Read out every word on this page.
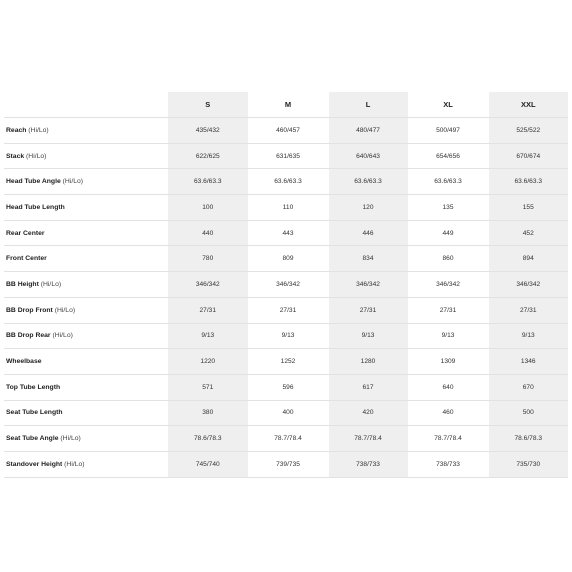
	S	M	L	XL	XXL
Reach (Hi/Lo)	435/432	460/457	480/477	500/497	525/522
Stack (Hi/Lo)	622/625	631/635	640/643	654/656	670/674
Head Tube Angle (Hi/Lo)	63.6/63.3	63.6/63.3	63.6/63.3	63.6/63.3	63.6/63.3
Head Tube Length	100	110	120	135	155
Rear Center	440	443	446	449	452
Front Center	780	809	834	860	894
BB Height (Hi/Lo)	346/342	346/342	346/342	346/342	346/342
BB Drop Front (Hi/Lo)	27/31	27/31	27/31	27/31	27/31
BB Drop Rear (Hi/Lo)	9/13	9/13	9/13	9/13	9/13
Wheelbase	1220	1252	1280	1309	1346
Top Tube Length	571	596	617	640	670
Seat Tube Length	380	400	420	460	500
Seat Tube Angle (Hi/Lo)	78.6/78.3	78.7/78.4	78.7/78.4	78.7/78.4	78.6/78.3
Standover Height (Hi/Lo)	745/740	739/735	738/733	738/733	735/730
